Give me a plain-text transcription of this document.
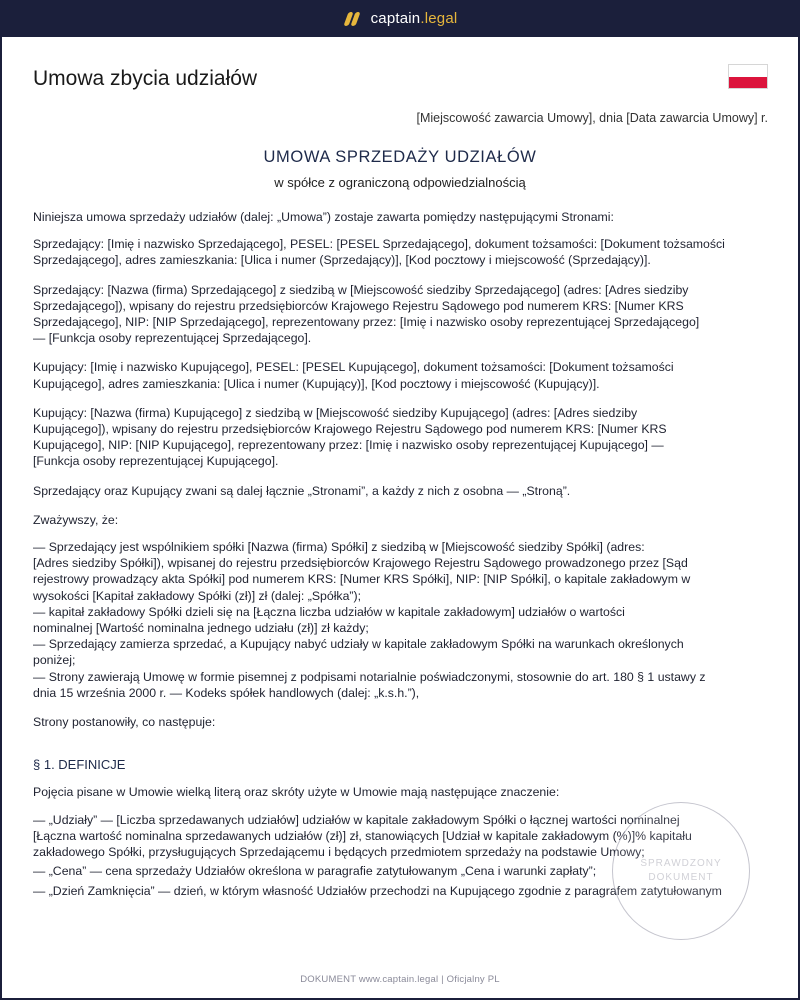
captain.legal
Umowa zbycia udziałów
[Miejscowość zawarcia Umowy], dnia [Data zawarcia Umowy] r.
UMOWA SPRZEDAŻY UDZIAŁÓW
w spółce z ograniczoną odpowiedzialnością

Niniejsza umowa sprzedaży udziałów (dalej: „Umowa”) zostaje zawarta pomiędzy następującymi Stronami:

Sprzedający: [Imię i nazwisko Sprzedającego], PESEL: [PESEL Sprzedającego], dokument tożsamości: [Dokument tożsamości

Sprzedającego], adres zamieszkania: [Ulica i numer (Sprzedający)], [Kod pocztowy i miejscowość (Sprzedający)].

Sprzedający: [Nazwa (firma) Sprzedającego] z siedzibą w [Miejscowość siedziby Sprzedającego] (adres: [Adres siedziby

Sprzedającego]), wpisany do rejestru przedsiębiorców Krajowego Rejestru Sądowego pod numerem KRS: [Numer KRS

Sprzedającego], NIP: [NIP Sprzedającego], reprezentowany przez: [Imię i nazwisko osoby reprezentującej Sprzedającego]

— [Funkcja osoby reprezentującej Sprzedającego].

Kupujący: [Imię i nazwisko Kupującego], PESEL: [PESEL Kupującego], dokument tożsamości: [Dokument tożsamości

Kupującego], adres zamieszkania: [Ulica i numer (Kupujący)], [Kod pocztowy i miejscowość (Kupujący)].

Kupujący: [Nazwa (firma) Kupującego] z siedzibą w [Miejscowość siedziby Kupującego] (adres: [Adres siedziby

Kupującego]), wpisany do rejestru przedsiębiorców Krajowego Rejestru Sądowego pod numerem KRS: [Numer KRS

Kupującego], NIP: [NIP Kupującego], reprezentowany przez: [Imię i nazwisko osoby reprezentującej Kupującego] —

[Funkcja osoby reprezentującej Kupującego].

Sprzedający oraz Kupujący zwani są dalej łącznie „Stronami”, a każdy z nich z osobna — „Stroną”.

Zważywszy, że:

— Sprzedający jest wspólnikiem spółki [Nazwa (firma) Spółki] z siedzibą w [Miejscowość siedziby Spółki] (adres:

[Adres siedziby Spółki]), wpisanej do rejestru przedsiębiorców Krajowego Rejestru Sądowego prowadzonego przez [Sąd

rejestrowy prowadzący akta Spółki] pod numerem KRS: [Numer KRS Spółki], NIP: [NIP Spółki], o kapitale zakładowym w

wysokości [Kapitał zakładowy Spółki (zł)] zł (dalej: „Spółka”);

— kapitał zakładowy Spółki dzieli się na [Łączna liczba udziałów w kapitale zakładowym] udziałów o wartości

nominalnej [Wartość nominalna jednego udziału (zł)] zł każdy;

— Sprzedający zamierza sprzedać, a Kupujący nabyć udziały w kapitale zakładowym Spółki na warunkach określonych

poniżej;

— Strony zawierają Umowę w formie pisemnej z podpisami notarialnie poświadczonymi, stosownie do art. 180 § 1 ustawy z

dnia 15 września 2000 r. — Kodeks spółek handlowych (dalej: „k.s.h.”),

Strony postanowiły, co następuje:

§ 1. DEFINICJE

Pojęcia pisane w Umowie wielką literą oraz skróty użyte w Umowie mają następujące znaczenie:

— „Udziały” — [Liczba sprzedawanych udziałów] udziałów w kapitale zakładowym Spółki o łącznej wartości nominalnej

[Łączna wartość nominalna sprzedawanych udziałów (zł)] zł, stanowiących [Udział w kapitale zakładowym (%)]% kapitału

zakładowego Spółki, przysługujących Sprzedającemu i będących przedmiotem sprzedaży na podstawie Umowy;

— „Cena” — cena sprzedaży Udziałów określona w paragrafie zatytułowanym „Cena i warunki zapłaty”;

— „Dzień Zamknięcia” — dzień, w którym własność Udziałów przechodzi na Kupującego zgodnie z paragrafem zatytułowanym

SPRAWDZONY DOKUMENT
DOKUMENT www.captain.legal | Oficjalny PL
